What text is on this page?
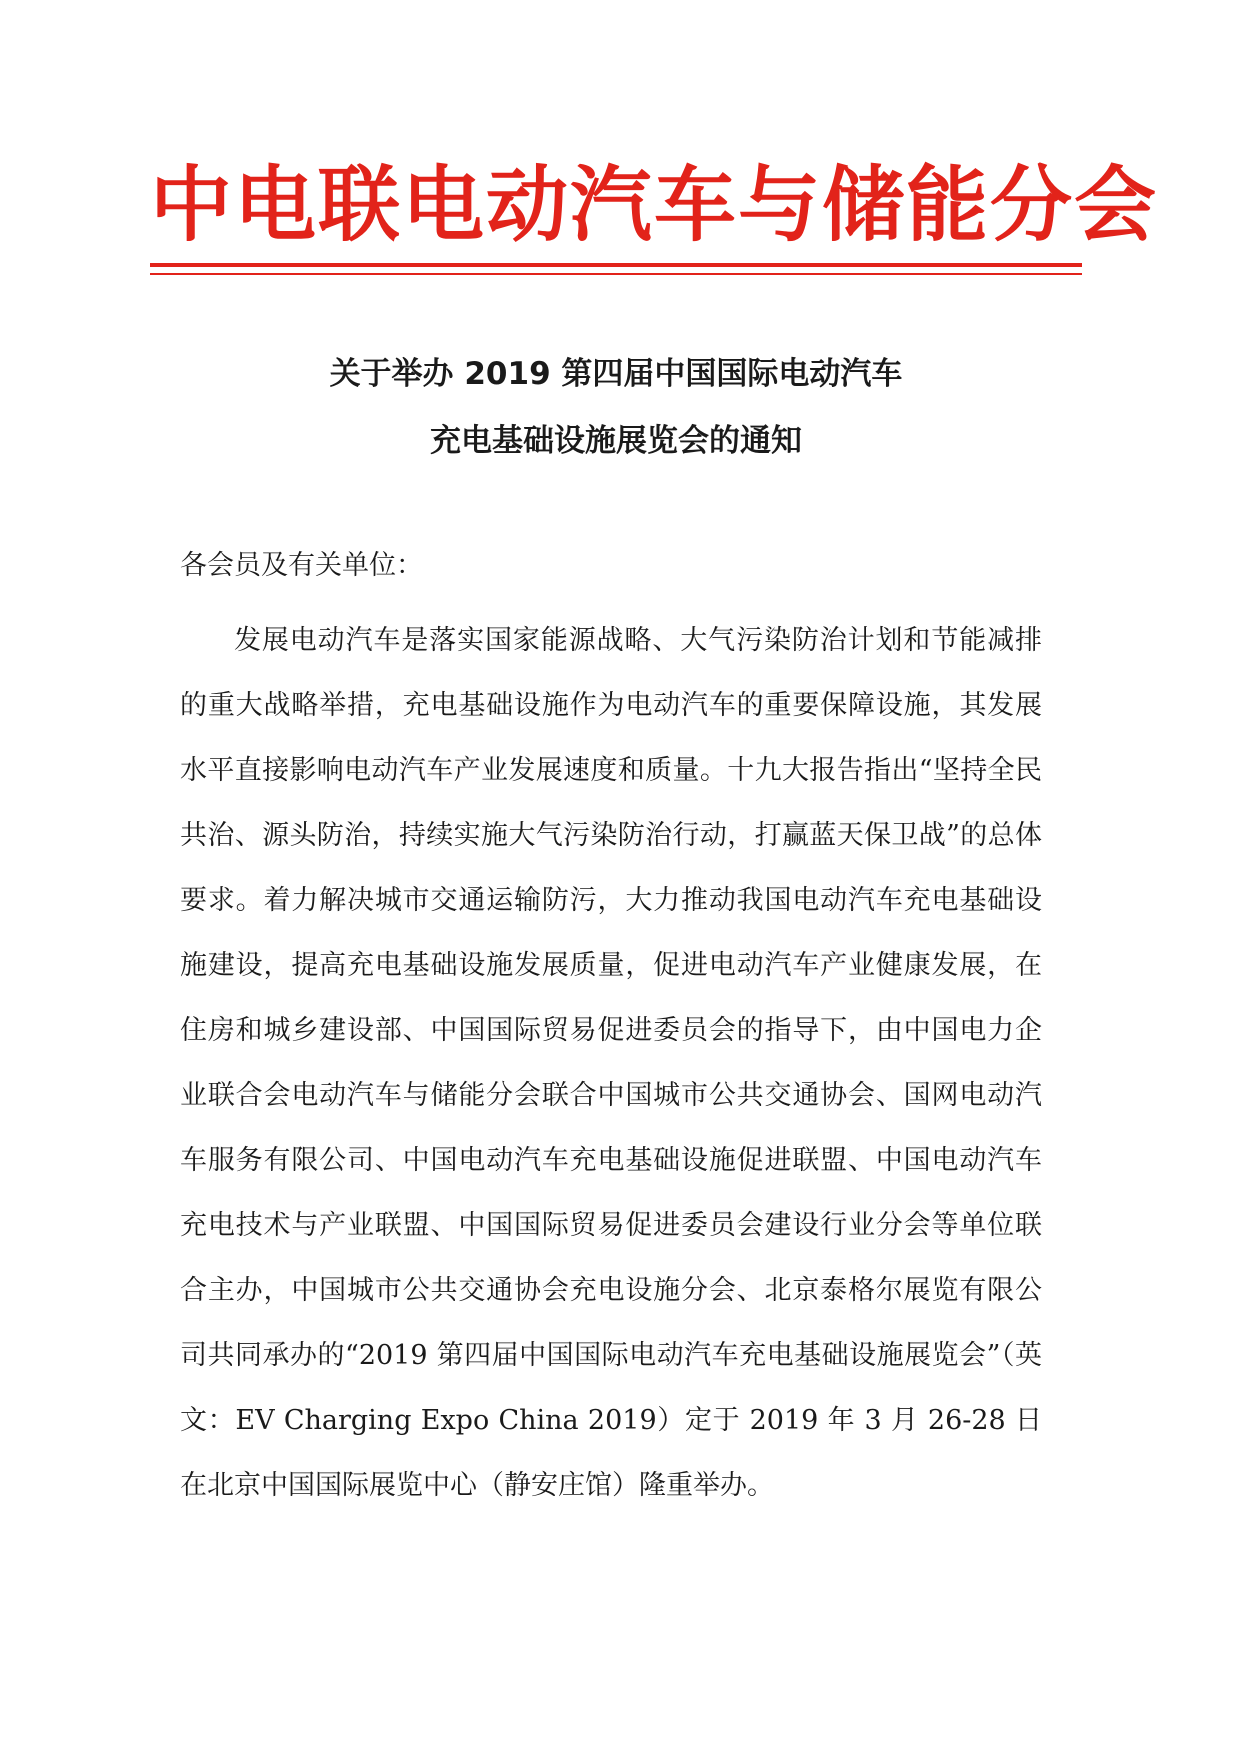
中电联电动汽车与储能分会
关于举办 2019 第四届中国国际电动汽车
充电基础设施展览会的通知
各会员及有关单位：

发展电动汽车是落实国家能源战略、大气污染防治计划和节能减排的重大战略举措，充电基础设施作为电动汽车的重要保障设施，其发展水平直接影响电动汽车产业发展速度和质量。十九大报告指出“坚持全民共治、源头防治，持续实施大气污染防治行动，打赢蓝天保卫战”的总体要求。着力解决城市交通运输防污，大力推动我国电动汽车充电基础设施建设，提高充电基础设施发展质量，促进电动汽车产业健康发展，在住房和城乡建设部、中国国际贸易促进委员会的指导下，由中国电力企业联合会电动汽车与储能分会联合中国城市公共交通协会、国网电动汽车服务有限公司、中国电动汽车充电基础设施促进联盟、中国电动汽车充电技术与产业联盟、中国国际贸易促进委员会建设行业分会等单位联合主办，中国城市公共交通协会充电设施分会、北京泰格尔展览有限公司共同承办的“2019 第四届中国国际电动汽车充电基础设施展览会”（英文：EV Charging Expo China 2019）定于 2019 年 3 月 26-28 日在北京中国国际展览中心（静安庄馆）隆重举办。
